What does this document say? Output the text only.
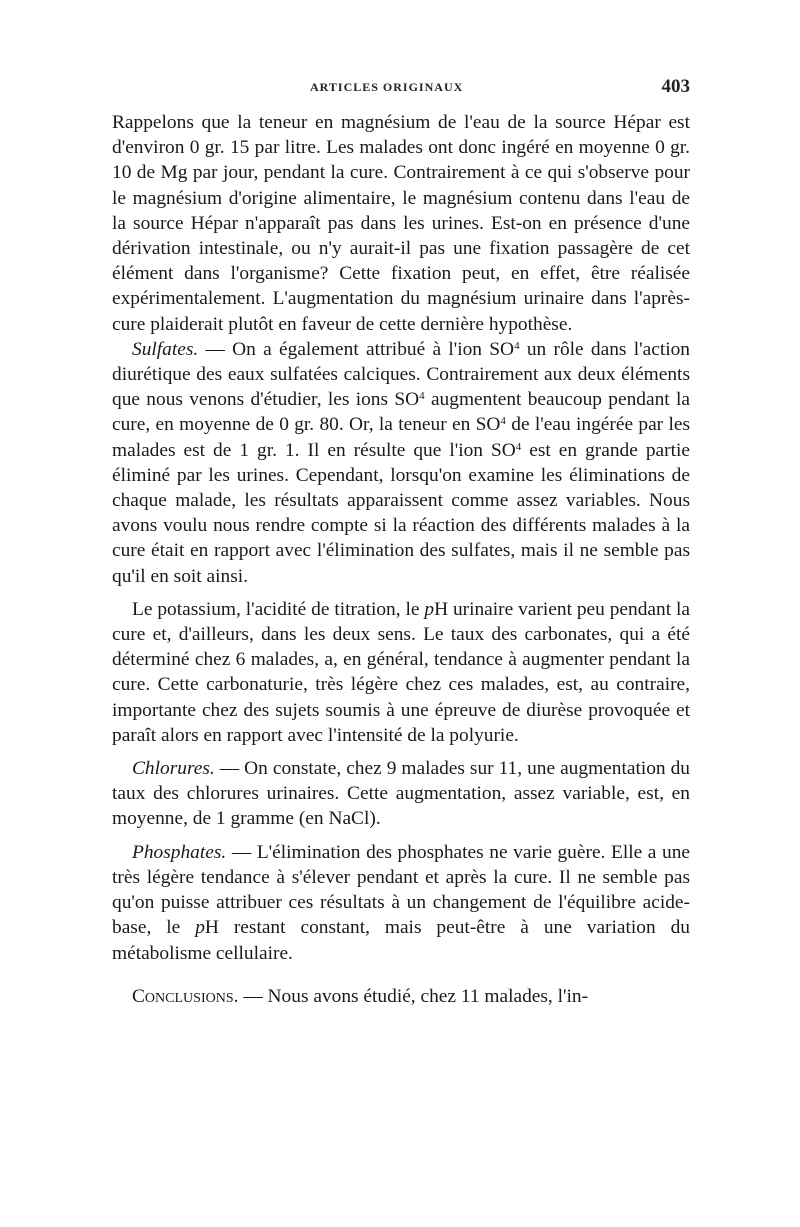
ARTICLES ORIGINAUX	403

Rappelons que la teneur en magnésium de l'eau de la source Hépar est d'environ 0 gr. 15 par litre. Les malades ont donc ingéré en moyenne 0 gr. 10 de Mg par jour, pendant la cure. Contrairement à ce qui s'observe pour le magnésium d'origine alimentaire, le magnésium contenu dans l'eau de la source Hépar n'apparaît pas dans les urines. Est-on en présence d'une dérivation intestinale, ou n'y aurait-il pas une fixation passagère de cet élément dans l'organisme? Cette fixation peut, en effet, être réalisée expérimentalement. L'augmentation du magnésium urinaire dans l'après-cure plaiderait plutôt en faveur de cette dernière hypothèse.

Sulfates. — On a également attribué à l'ion $SO^4$ un rôle dans l'action diurétique des eaux sulfatées calciques. Contrairement aux deux éléments que nous venons d'étudier, les ions $SO^4$ augmentent beaucoup pendant la cure, en moyenne de 0 gr. 80. Or, la teneur en $SO^4$ de l'eau ingérée par les malades est de 1 gr. 1. Il en résulte que l'ion $SO^4$ est en grande partie éliminé par les urines. Cependant, lorsqu'on examine les éliminations de chaque malade, les résultats apparaissent comme assez variables. Nous avons voulu nous rendre compte si la réaction des différents malades à la cure était en rapport avec l'élimination des sulfates, mais il ne semble pas qu'il en soit ainsi.

Le potassium, l'acidité de titration, le pH urinaire varient peu pendant la cure et, d'ailleurs, dans les deux sens. Le taux des carbonates, qui a été déterminé chez 6 malades, a, en général, tendance à augmenter pendant la cure. Cette carbonaturie, très légère chez ces malades, est, au contraire, importante chez des sujets soumis à une épreuve de diurèse provoquée et paraît alors en rapport avec l'intensité de la polyurie.

Chlorures. — On constate, chez 9 malades sur 11, une augmentation du taux des chlorures urinaires. Cette augmentation, assez variable, est, en moyenne, de 1 gramme (en NaCl).

Phosphates. — L'élimination des phosphates ne varie guère. Elle a une très légère tendance à s'élever pendant et après la cure. Il ne semble pas qu'on puisse attribuer ces résultats à un changement de l'équilibre acide-base, le pH restant constant, mais peut-être à une variation du métabolisme cellulaire.

Conclusions. — Nous avons étudié, chez 11 malades, l'in-
